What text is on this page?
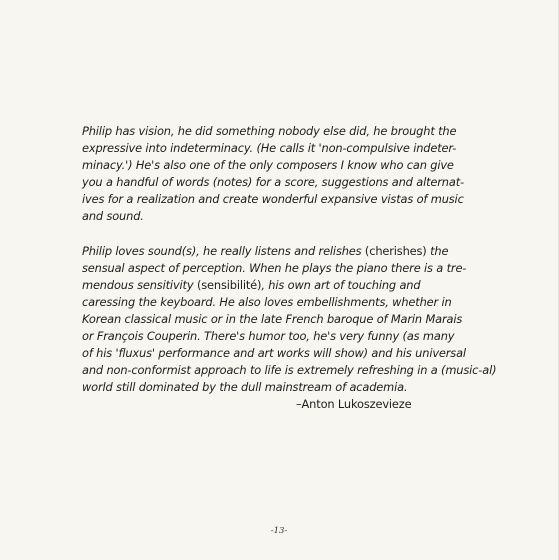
Philip has vision, he did something nobody else did, he brought the
expressive into indeterminacy. (He calls it 'non-compulsive indeter-
minacy.') He's also one of the only composers I know who can give
you a handful of words (notes) for a score, suggestions and alternat-
ives for a realization and create wonderful expansive vistas of music
and sound.
Philip loves sound(s), he really listens and relishes (cherishes) the
sensual aspect of perception. When he plays the piano there is a tre-
mendous sensitivity (sensibilité), his own art of touching and
caressing the keyboard. He also loves embellishments, whether in
Korean classical music or in the late French baroque of Marin Marais
or François Couperin. There's humor too, he's very funny (as many
of his 'fluxus' performance and art works will show) and his universal
and non-conformist approach to life is extremely refreshing in a (music-al)
world still dominated by the dull mainstream of academia.
–Anton Lukoszevieze
-13-
